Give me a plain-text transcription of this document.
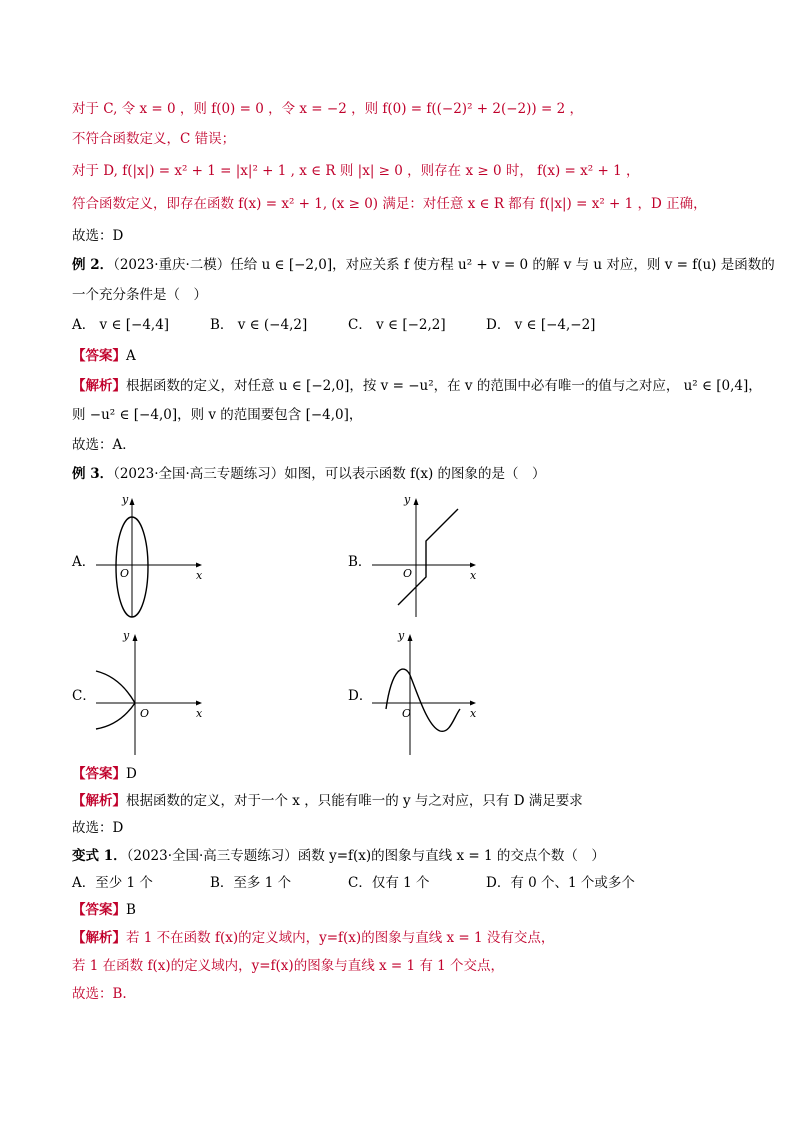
对于 C, 令 x = 0 ，则 f(0) = 0 ，令 x = −2 ，则 f(0) = f((−2)² + 2(−2)) = 2 ，
不符合函数定义，C 错误；
对于 D, f(|x|) = x² + 1 = |x|² + 1 , x ∈ R 则 |x| ≥ 0 ，则存在 x ≥ 0 时， f(x) = x² + 1 ，
符合函数定义，即存在函数 f(x) = x² + 1, (x ≥ 0) 满足：对任意 x ∈ R 都有 f(|x|) = x² + 1 ，D 正确，
故选：D
例 2．（2023·重庆·二模）任给 u ∈ [−2,0]，对应关系 f 使方程 u² + v = 0 的解 v 与 u 对应，则 v = f(u) 是函数的
一个充分条件是（　）
A． v ∈ [−4,4]	B． v ∈ (−4,2]	C． v ∈ [−2,2]	D． v ∈ [−4,−2]
【答案】A
【解析】根据函数的定义，对任意 u ∈ [−2,0]，按 v = −u²，在 v 的范围中必有唯一的值与之对应， u² ∈ [0,4]，
则 −u² ∈ [−4,0]，则 v 的范围要包含 [−4,0]，
故选：A．
例 3．（2023·全国·高三专题练习）如图，可以表示函数 f(x) 的图象的是（　）
A．	B．
C．	D．
x
y
O	x
y
O
x
y
O	x
y
O
【答案】D
【解析】根据函数的定义，对于一个 x ，只能有唯一的 y 与之对应，只有 D 满足要求
故选：D
变式 1．（2023·全国·高三专题练习）函数 y=f(x)的图象与直线 x = 1 的交点个数（　）
A．至少 1 个	B．至多 1 个	C．仅有 1 个	D．有 0 个、1 个或多个
【答案】B
【解析】若 1 不在函数 f(x)的定义域内，y=f(x)的图象与直线 x = 1 没有交点，
若 1 在函数 f(x)的定义域内，y=f(x)的图象与直线 x = 1 有 1 个交点，
故选：B.
